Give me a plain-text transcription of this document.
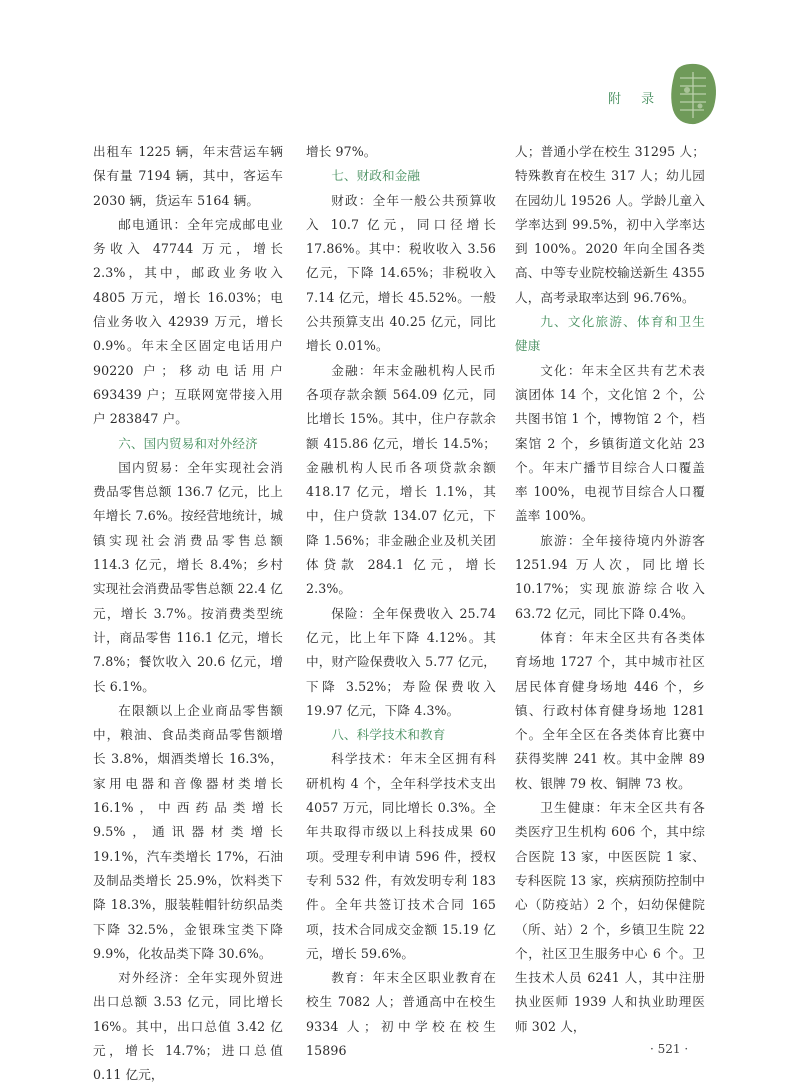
附 录

出租车 1225 辆，年末营运车辆保有量 7194 辆，其中，客运车 2030 辆，货运车 5164 辆。

邮电通讯：全年完成邮电业务收入 47744 万元，增长 2.3%，其中，邮政业务收入 4805 万元，增长 16.03%；电信业务收入 42939 万元，增长 0.9%。年末全区固定电话用户 90220 户；移动电话用户 693439 户；互联网宽带接入用户 283847 户。

六、国内贸易和对外经济

国内贸易：全年实现社会消费品零售总额 136.7 亿元，比上年增长 7.6%。按经营地统计，城镇实现社会消费品零售总额 114.3 亿元，增长 8.4%；乡村实现社会消费品零售总额 22.4 亿元，增长 3.7%。按消费类型统计，商品零售 116.1 亿元，增长 7.8%；餐饮收入 20.6 亿元，增长 6.1%。

在限额以上企业商品零售额中，粮油、食品类商品零售额增长 3.8%，烟酒类增长 16.3%，家用电器和音像器材类增长 16.1%，中西药品类增长 9.5%，通讯器材类增长 19.1%，汽车类增长 17%，石油及制品类增长 25.9%，饮料类下降 18.3%，服装鞋帽针纺织品类下降 32.5%，金银珠宝类下降 9.9%，化妆品类下降 30.6%。

对外经济：全年实现外贸进出口总额 3.53 亿元，同比增长 16%。其中，出口总值 3.42 亿元，增长 14.7%；进口总值 0.11 亿元，

增长 97%。

七、财政和金融

财政：全年一般公共预算收入 10.7 亿元，同口径增长 17.86%。其中：税收收入 3.56 亿元，下降 14.65%；非税收入 7.14 亿元，增长 45.52%。一般公共预算支出 40.25 亿元，同比增长 0.01%。

金融：年末金融机构人民币各项存款余额 564.09 亿元，同比增长 15%。其中，住户存款余额 415.86 亿元，增长 14.5%；金融机构人民币各项贷款余额 418.17 亿元，增长 1.1%，其中，住户贷款 134.07 亿元，下降 1.56%；非金融企业及机关团体贷款 284.1 亿元，增长 2.3%。

保险：全年保费收入 25.74 亿元，比上年下降 4.12%。其中，财产险保费收入 5.77 亿元，下降 3.52%；寿险保费收入 19.97 亿元，下降 4.3%。

八、科学技术和教育

科学技术：年末全区拥有科研机构 4 个，全年科学技术支出 4057 万元，同比增长 0.3%。全年共取得市级以上科技成果 60 项。受理专利申请 596 件，授权专利 532 件，有效发明专利 183 件。全年共签订技术合同 165 项，技术合同成交金额 15.19 亿元，增长 59.6%。

教育：年末全区职业教育在校生 7082 人；普通高中在校生 9334 人；初中学校在校生 15896

人；普通小学在校生 31295 人；特殊教育在校生 317 人；幼儿园在园幼儿 19526 人。学龄儿童入学率达到 99.5%，初中入学率达到 100%。2020 年向全国各类高、中等专业院校输送新生 4355 人，高考录取率达到 96.76%。

九、文化旅游、体育和卫生健康

文化：年末全区共有艺术表演团体 14 个，文化馆 2 个，公共图书馆 1 个，博物馆 2 个，档案馆 2 个，乡镇街道文化站 23 个。年末广播节目综合人口覆盖率 100%，电视节目综合人口覆盖率 100%。

旅游：全年接待境内外游客 1251.94 万人次，同比增长 10.17%；实现旅游综合收入 63.72 亿元，同比下降 0.4%。

体育：年末全区共有各类体育场地 1727 个，其中城市社区居民体育健身场地 446 个，乡镇、行政村体育健身场地 1281 个。全年全区在各类体育比赛中获得奖牌 241 枚。其中金牌 89 枚、银牌 79 枚、铜牌 73 枚。

卫生健康：年末全区共有各类医疗卫生机构 606 个，其中综合医院 13 家，中医医院 1 家、专科医院 13 家，疾病预防控制中心（防疫站）2 个，妇幼保健院（所、站）2 个，乡镇卫生院 22 个，社区卫生服务中心 6 个。卫生技术人员 6241 人，其中注册执业医师 1939 人和执业助理医师 302 人，

· 521 ·
